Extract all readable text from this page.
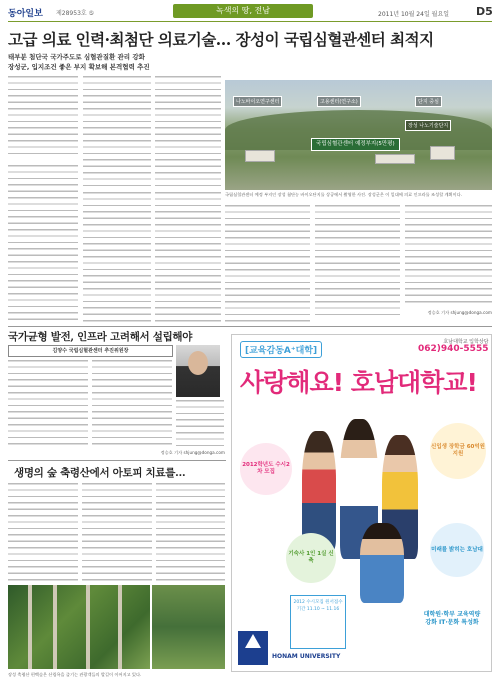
동아일보 제28953호 ⑤	녹색의 땅, 전남	2011년 10월 24일 월요일 D5
고급 의료 인력·최첨단 의료기술… 장성이 국립심혈관센터 최적지
태부분 첨단국 국가주도로 심혈관질환 관리 강화
장성군, 입지조건 좋은 부지 확보해 본격협력 추진
나노바이오연구센터	고용센터(연구소)	단지 중심
장성 나노기술단지
국립심혈관센터 예정부지(5만평)
국립심혈관센터 예정 부지인 장성 첨단농 바이오단지를 상공에서 촬영한 사진. 장성군은 이 일대에 의료 인프라를 조성할 계획이다.
정승호 기자 shjung@donga.com
국가균형 발전, 인프라 고려해서 설립해야
김양수 국립심혈관센터 추진위원장
정승호 기자 shjung@donga.com
생명의 숲 축령산에서 아토피 치료를…
장성 축령산 편백숲은 산림욕을 즐기는 관광객들의 발길이 이어지고 있다.
[교육감동A⁺대학]
호남대학교 입학상담
062)940-5555
사랑해요! 호남대학교!
2012학년도 수시2차 모집
신입생 장학금 60억원 지원
기숙사 1인 1실 신축
미래를 밝히는 호남대
2012 수시모집 원서접수 기간 11.10 ~ 11.16
대학원·학부 교육역량 강화 IT·문화 특성화
HONAM UNIVERSITY
